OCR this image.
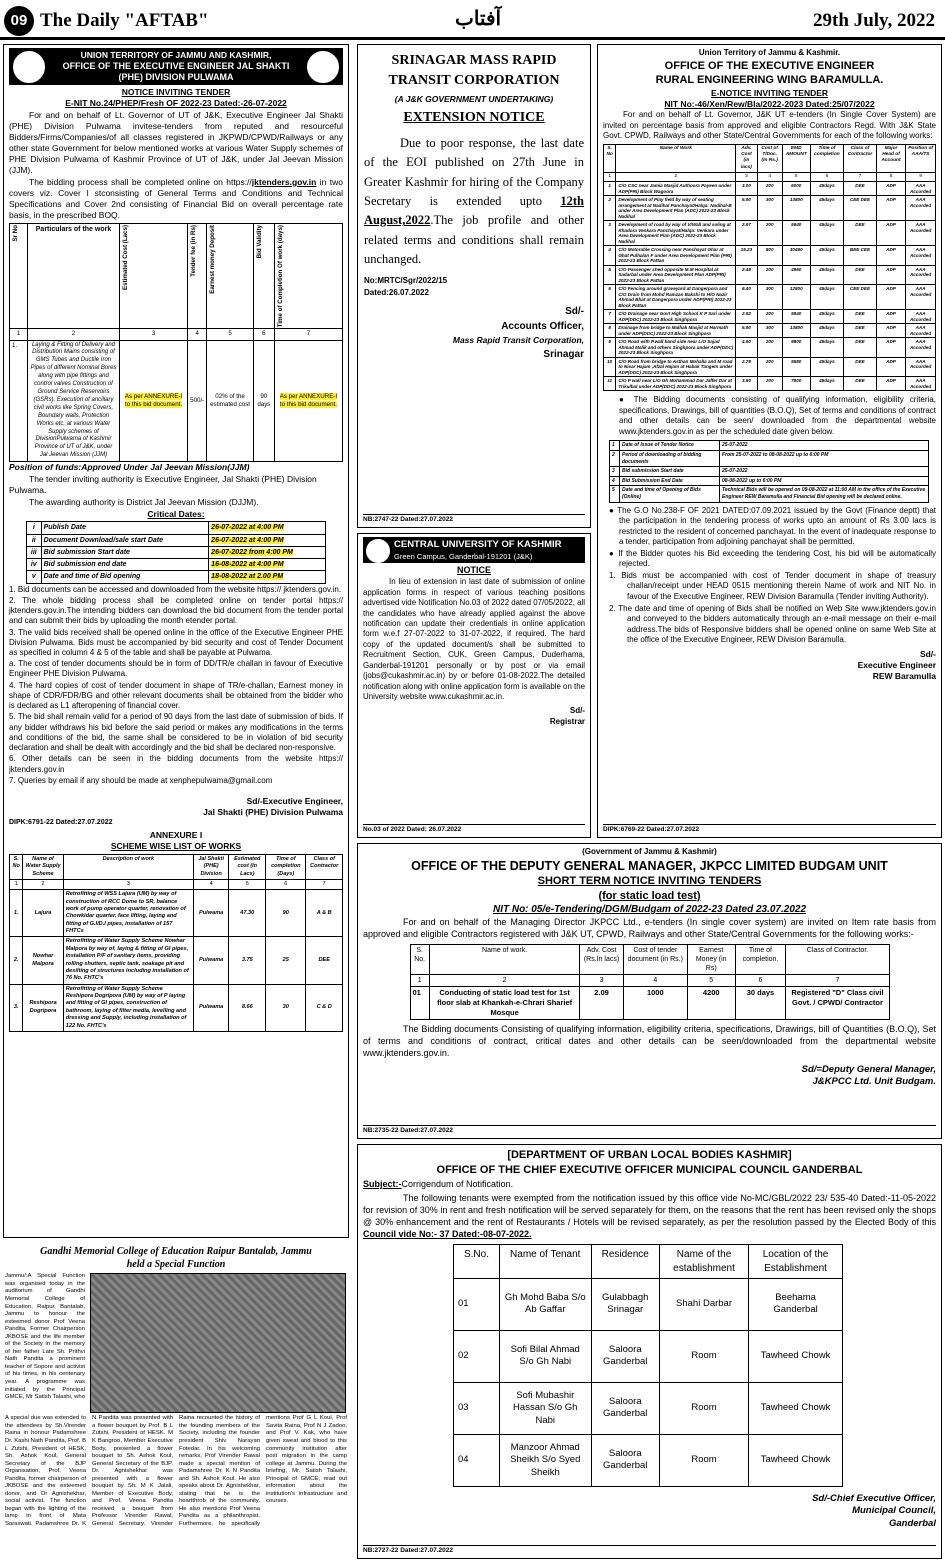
09 The Daily "AFTAB"	آفتاب	29th July, 2022
UNION TERRITORY OF JAMMU AND KASHMIR,
OFFICE OF THE EXECUTIVE ENGINEER JAL SHAKTI
(PHE) DIVISION PULWAMA
NOTICE INVITING TENDER
E-NIT No.24/PHEP/Fresh OF 2022-23 Dated:-26-07-2022

For and on behalf of Lt. Governor of UT of J&K, Executive Engineer Jal Shakti (PHE) Division Pulwama invitese-tenders from reputed and resourceful Bidders/Firms/Companies/of all classes registered in JKPWD/CPWD/Railways or any other state Government for below mentioned works at various Water Supply schemes of PHE Division Pulwama of Kashmir Province of UT of J&K, under Jal Jeevan Mission (JJM).

The bidding process shall be completed online on https://jktenders.gov.in in two covers viz. Cover I stconsisting of General Terms and Conditions and Technical Specifications and Cover 2nd consisting of Financial Bid on overall percentage rate basis, in the prescribed BOQ.

Sr No	Particulars of the work	Estimated Cost (Lacs)	Tender fee (in Rs)	Earnest money Deposit	Bid Validity	Time of Completion Of work (days)

1	2	3	4	5	6	7
1.	Laying & Fitting of Delivery and Distribution Mains consisting of GMS Tubes and Ductile Iron Pipes of different Nominal Bores along with pipe fittings and control valves Construction of Ground Service Reservoirs (GSRs), Execution of ancillary civil works like Spring Covers, Boundary walls, Protection Works etc. at various Water Supply schemes of DivisionPulwama of Kashmir Province of UT of J&K, under Jal Jeevan Mission (JJM)	As per ANNEXURE-I to this bid document.	500/-	02% of the estimated cost	90 days	As per ANNEXURE-I to this bid document.

Position of funds:Approved Under Jal Jeevan Mission(JJM)

The tender inviting authority is Executive Engineer, Jal Shakti (PHE) Division Pulwama.

The awarding authority is District Jal Jeevan Mission (DJJM).

Critical Dates:
i	Publish Date	26-07-2022 at 4:00 PM
ii	Document Download/sale start Date	26-07-2022 at 4:00 PM
iii	Bid submission Start date	26-07-2022 from 4:00 PM
iv	Bid submission end date	16-08-2022 at 4:00 PM
v	Date and time of Bid opening	18-08-2022 at 2.00 PM

1. Bid documents can be accessed and downloaded from the website https:// jktenders.gov.in.

2. The whole bidding process shall be completed online on tender portal https:// jktenders.gov.in.The intending bidders can download the bid document from the tender portal and can submit their bids by uploading the month etender portal.

3. The valid bids received shall be opened online in the office of the Executive Engineer PHE Division Pulwama. Bids must be accompanied by bid security and cost of Tender Document as specified in column 4 & 5 of the table and shall be payable at Pulwama.

a. The cost of tender documents should be in form of DD/TR/e challan in favour of Executive Engineer PHE Division Pulwama.

4. The hard copies of cost of tender document in shape of TR/e-challan, Earnest money in shape of CDR/FDR/BG and other relevant documents shall be obtained from the bidder who is declared as L1 afteropening of financial cover.

5. The bid shall remain valid for a period of 90 days from the last date of submission of bids. If any bidder withdraws his bid before the said period or makes any modifications in the terms and conditions of the bid, the same shall be considered to be in violation of bid security declaration and shall be dealt with accordingly and the bid shall be declared non-responsive.

6. Other details can be seen in the bidding documents from the website https:// jktenders.gov.in

7. Queries by email if any should be made at xenphepulwama@gmail.com

Sd/-Executive Engineer,
Jal Shakti (PHE) Division Pulwama
DIPK:6791-22 Dated:27.07.2022
ANNEXURE I
SCHEME WISE LIST OF WORKS
S. No	Name of Water Supply Scheme	Description of work	Jal Shakti (PHE) Division	Estimated cost (in Lacs)	Time of completion (Days)	Class of Contractor
1	2	3	4	5	6	7
1.	Lajura	Retrofitting of WSS Lajura (UM) by way of construction of RCC Dome to SR, balance work of pump operator quarter, renovation of Chowkidar quarter, face lifting, laying and fitting of G.I/D.I pipes, installation of 157 FHTCs	Pulwama	47.30	90	A & B
2.	Nowhar Malpora	Retrofitting of Water Supply Scheme Nowhar Malpora by way of, laying & fitting of GI pipes, installation P/F of sanitary items, providing rolling shutters, septic tank, soakage pit and desilting of structures including installation of 76 No. FHTC's	Pulwama	3.75	25	DEE
3.	Reshipora Dogripora	Retrofitting of Water Supply Scheme Reshipora Dogripora (UM) by way of P laying and fitting of GI pipes, construction of bathroom, laying of filter media, levelling and dressing and Supply, including installation of 122 No. FHTC's	Pulwama	8.66	30	C & D
Gandhi Memorial College of Education Raipur Bantalab, Jammu
held a Special Function
Jammu/:A Special Function was organised today in the auditorium of Gandhi Memorial College of Education, Raipur, Bantalab, Jammu to honour the esteemed donor Prof Veena Pandita, Former Chairperson JKBOSE and the life member of the Society in the memory of her father Late Sh. Prithvi Nath Pandita a prominent teacher of Sopore and activist of his times, in his centenary year. A programme was initiated by the Principal GMCE, Mr Satish Talashi, who
A special due was extended to the attendees by Sh.Virender Raina in honour Padamshree Dr. Kashi Nath Pandita, Prof. B L Zutshi, President of HESK, Sh. Ashok Koul, General Secretary of the BJP Organisation, Prof. Veena Pandita, former chairperson of JKBOSE and the esteemed donor, and Dr Agnishekhar, social activist. The function began with the lighting of the lamp in front of Mata Saraswati. Padamshree Dr. K N Pandita was presented with a flower bouquet by Prof. B L Zutshi, President of HESK. M K Bangroo, Member Executive Body, presented a flower bouquet to Sh. Ashok Koul, General Secretary of the BJP. Dr. Agnishekhar was presented with a flower bouquet by Sh. M K Jalali, Member of Executive Body, and Prof. Veena Pandita received a bouquet from Professor Virender Rawal, General Secretary. Virender Raina recounted the history of the founding members of the Society, including the founder president Shiv Narayan Fotedar. In his welcoming remarks, Prof Virender Rawal made a special mention of Padamshree Dr. K N Pandita and Sh. Ashok Koul. He also speaks about Dr. Agnishekhar, stating that he is the heartthrob of the community. He also mentions Prof Veena Pandita as a philanthropist. Furthermore, he specifically mentions Prof G L Koul, Prof Savita Raina, Prof N J Zadoo, and Prof V. Kak, who have given sweat and blood to this community institution after post migration in the camp college at Jammu. During the briefing, Mr. Satish Talashi, Principal of GMCE, read out information about the institution's infrastructure and courses.
SRINAGAR MASS RAPID TRANSIT CORPORATION
(A J&K GOVERNMENT UNDERTAKING)
EXTENSION NOTICE

Due to poor response, the last date of the EOI published on 27th June in Greater Kashmir for hiring of the Company Secretary is extended upto 12th August,2022.The job profile and other related terms and conditions shall remain unchanged.

No:MRTC/Sgr/2022/15
Dated:26.07.2022
Sd/-
Accounts Officer,
Mass Rapid Transit Corporation,
Srinagar
NB:2747-22 Dated:27.07.2022
CENTRAL UNIVERSITY OF KASHMIR
Green Campus, Ganderbal-191201 (J&K)
NOTICE

In lieu of extension in last date of submission of online application forms in respect of various teaching positions advertised vide Notification No.03 of 2022 dated 07/05/2022, all the candidates who have already applied against the above notification can update their credentials in online application form w.e.f 27-07-2022 to 31-07-2022, if required. The hard copy of the updated document/s shall be submitted to Recruitment Section, CUK, Green Campus, Duderhama, Ganderbal-191201 personally or by post or via email (jobs@cukashmir.ac.in) by or before 01-08-2022.The detailed notification along with online application form is available on the University website www.cukashmir.ac.in.

Sd/-
Registrar
No.03 of 2022 Dated: 26.07.2022
Union Territory of Jammu & Kashmir.
OFFICE OF THE EXECUTIVE ENGINEER
RURAL ENGINEERING WING BARAMULLA.
E-NOTICE INVITING TENDER
NIT No:-46/Xen/Rew/Bla/2022-2023 Dated:25/07/2022

For and on behalf of Lt. Governor, J&K UT e-tenders (In Single Cover System) are invited on percentage basis from approved and eligible Contractors Regd. With J&K State Govt. CPWD, Railways and other State/Central Governments for each of the following works:

S. No	Name of Work	Adv. Cost (in lacs)	Cost of T/Doc. (In Rs.)	EMD AMOUNT	Time of completion	Class of Contractor	Major Head of Account	Position of AAA/TS
1	2	3	4	5	6	7	8	9
1	C/O CSC near Jamia Masjid Authoora Payeen under ADP(PRI) Block Wagoora	3.00	200	6000	45days	DEE	ADP	AAA Accorded
2	Development of Play field by way of seating arrangement at Nadihal Panchayat/Halqa: Nadihal-B under Area Development Plan (ADC) 2022-23 Block Nadihal	6.90	300	13800	45days	CEE DEE	ADP	AAA Accorded
3	Development of road by way of V/Wall and soling at Khadora Venkara Panchayat/Halqa: Venkara under Area Development Plan (ADC) 2022-23 Block Nadihal	2.97	200	5940	45days	DEE	ADP	AAA Accorded
4	C/O Motorable Crossing near Panchayat Ghar at Ghat Pulhalan F under Area Development Plan (PRI) 2022-23 Block Pattan	15.23	800	30460	45days	BEE CEE	ADP	AAA Accorded
5	C/O Passenger shed opposite M.M Hospital at Sadarbal under Area Development Plan ADP(PRI) 2022-23 Block Pattan	2.48	200	4960	45days	DEE	ADP	AAA Accorded
6	C/O Fencing around graveyard at Dangerpora and C/O Drain from Mohd Ramzan Bakshi to H/O Nazir Ahmad Bhat at Dangerpora under ADP(PRI) 2022-23 Block Pattan	6.40	300	12800	45days	CEE DEE	ADP	AAA Accorded
7	C/O Drainage near Govt High School K P Sari under ADP(DDC) 2022-23 Block Singhpora	2.92	200	5840	45days	DEE	ADP	AAA Accorded
8	Drainage from bridge to Malhak Masjid at Harmath under ADP(DDC) 2022-23 Block Singhpora	6.90	300	13800	45days	DEE	ADP	AAA Accorded
9	C/O Road with P.wall band side near L/O Sajad Ahmad Malik and others Singhpora under ADP(DDC) 2022-23 Block Singhpora	4.90	200	9800	45days	DEE	ADP	AAA Accorded
10	C/O Road from bridge to Asthan Mohalla and M road to Nisar Hajam ,Afzal Hajam at Habak Tangem under ADP(DDC) 2022-23 Block Singhpora	2.79	200	5580	45days	DEE	ADP	AAA Accorded
11	C/O P wall near L/O Gh Mohammad Dar Jaffer Dar at Trikulbal under ADP(DDC) 2022-23 Block Singhpora	3.90	200	7800	45days	DEE	ADP	AAA Accorded

● The Bidding documents consisting of qualifying information, eligibility criteria, specifications, Drawings, bill of quantities (B.O.Q), Set of terms and conditions of contract and other details can be seen/ downloaded from the departmental website www.jktenders.gov.in as per the scheduled date given below.

1	Date of Issue of Tender Notice	25-07-2022
2	Period of downloading of bidding documents	From 25-07-2022 to 08-08-2022 up to 6:00 PM
3	Bid submission Start date	25-07-2022
4	Bid Submission End Date	08-08-2022 up to 6:00 PM
5	Date and time of Opening of Bids (Online)	Technical Bids will be opened on 09-08-2022 at 11:00 AM in the office of the Executive Engineer REW Baramulla and Financial Bid opening will be declared online.

● The G.O No.238-F OF 2021 DATED:07.09.2021 issued by the Govt (Finance deptt) that the participation in the tendering process of works upto an amount of Rs 3.00 lacs is restricted to the resident of concerned panchayat. In the event of inadequate response to a tender, participation from adjoining panchayat shall be permitted.

● If the Bidder quotes his Bid exceeding the tendering Cost, his bid will be automatically rejected.

1. Bids must be accompanied with cost of Tender document in shape of treasury challan/receipt under HEAD 0515 mentioning therein Name of work and NIT No. in favour of the Executive Engineer, REW Division Baramulla (Tender inviting Authority).

2. The date and time of opening of Bids shall be notified on Web Site www.jktenders.gov.in and conveyed to the bidders automatically through an e-mail message on their e-mail address.The bids of Responsive bidders shall be opened online on same Web Site at the office of the Executive Engineer, REW Division Baramulla.

Sd/-
Executive Engineer
REW Baramulla
DIPK:6769-22 Dated:27.07.2022
(Government of Jammu & Kashmir)
OFFICE OF THE DEPUTY GENERAL MANAGER, JKPCC LIMITED BUDGAM UNIT
SHORT TERM NOTICE INVITING TENDERS
(for static load test)
NIT No: 05/e-Tendering/DGM/Budgam of 2022-23 Dated 23.07.2022

For and on behalf of the Managing Director JKPCC Ltd., e-tenders (In single cover system) are invited on Item rate basis from approved and eligible Contractors registered with J&K UT, CPWD, Railways and other State/Central Governments for the following works:-

S. No.	Name of work.	Adv. Cost (Rs.In lacs)	Cost of tender document (in Rs.)	Earnest Money (in Rs)	Time of completion.	Class of Contractor.
1	2	3	4	5	6	7
01	Conducting of static load test for 1st floor slab at Khankah-e-Chrari Sharief Mosque	2.09	1000	4200	30 days	Registered "D" Class civil Govt. / CPWD/ Contractor

The Bidding documents Consisting of qualifying information, eligibility criteria, specifications, Drawings, bill of Quantities (B.O.Q), Set of terms and conditions of contract, critical dates and other details can be seen/downloaded from the departmental website www.jktenders.gov.in.

Sd/=Deputy General Manager,
J&KPCC Ltd. Unit Budgam.
NB:2735-22 Dated:27.07.2022
[DEPARTMENT OF URBAN LOCAL BODIES KASHMIR]
OFFICE OF THE CHIEF EXECUTIVE OFFICER MUNICIPAL COUNCIL GANDERBAL

Subject:-Corrigendum of Notification.

The following tenants were exempted from the notification issued by this office vide No-MC/GBL/2022 23/ 535-40 Dated:-11-05-2022 for revision of 30% in rent and fresh notification will be served separately for them, on the reasons that the rent has been revised only the shops @ 30% enhancement and the rent of Restaurants / Hotels will be revised separately, as per the resolution passed by the Elected Body of this Council vide No:- 37 Dated:-08-07-2022.

S.No.	Name of Tenant	Residence	Name of the establishment	Location of the Establishment
01	Gh Mohd Baba S/o Ab Gaffar	Gulabbagh Srinagar	Shahi Darbar	Beehama Ganderbal
02	Sofi Bilal Ahmad S/o Gh Nabi	Saloora Ganderbal	Room	Tawheed Chowk
03	Sofi Mubashir Hassan S/o Gh Nabi	Saloora Ganderbal	Room	Tawheed Chowk
04	Manzoor Ahmad Sheikh S/o Syed Sheikh	Saloora Ganderbal	Room	Tawheed Chowk
Sd/-Chief Executive Officer,
Municipal Council,
Ganderbal
NB:2727-22 Dated:27.07.2022
